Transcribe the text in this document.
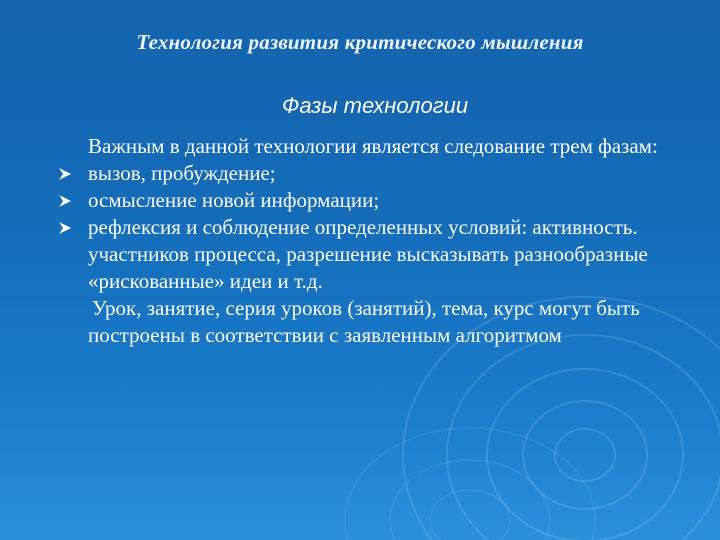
Технология развития критического мышления
Фазы технологии
Важным в данной технологии является следование трем фазам:
вызов, пробуждение;
осмысление новой информации;
рефлексия и соблюдение определенных условий: активность. участников процесса, разрешение высказывать разнообразные «рискованные» идеи и т.д.
Урок, занятие, серия уроков (занятий), тема, курс могут быть построены в соответствии с заявленным алгоритмом
